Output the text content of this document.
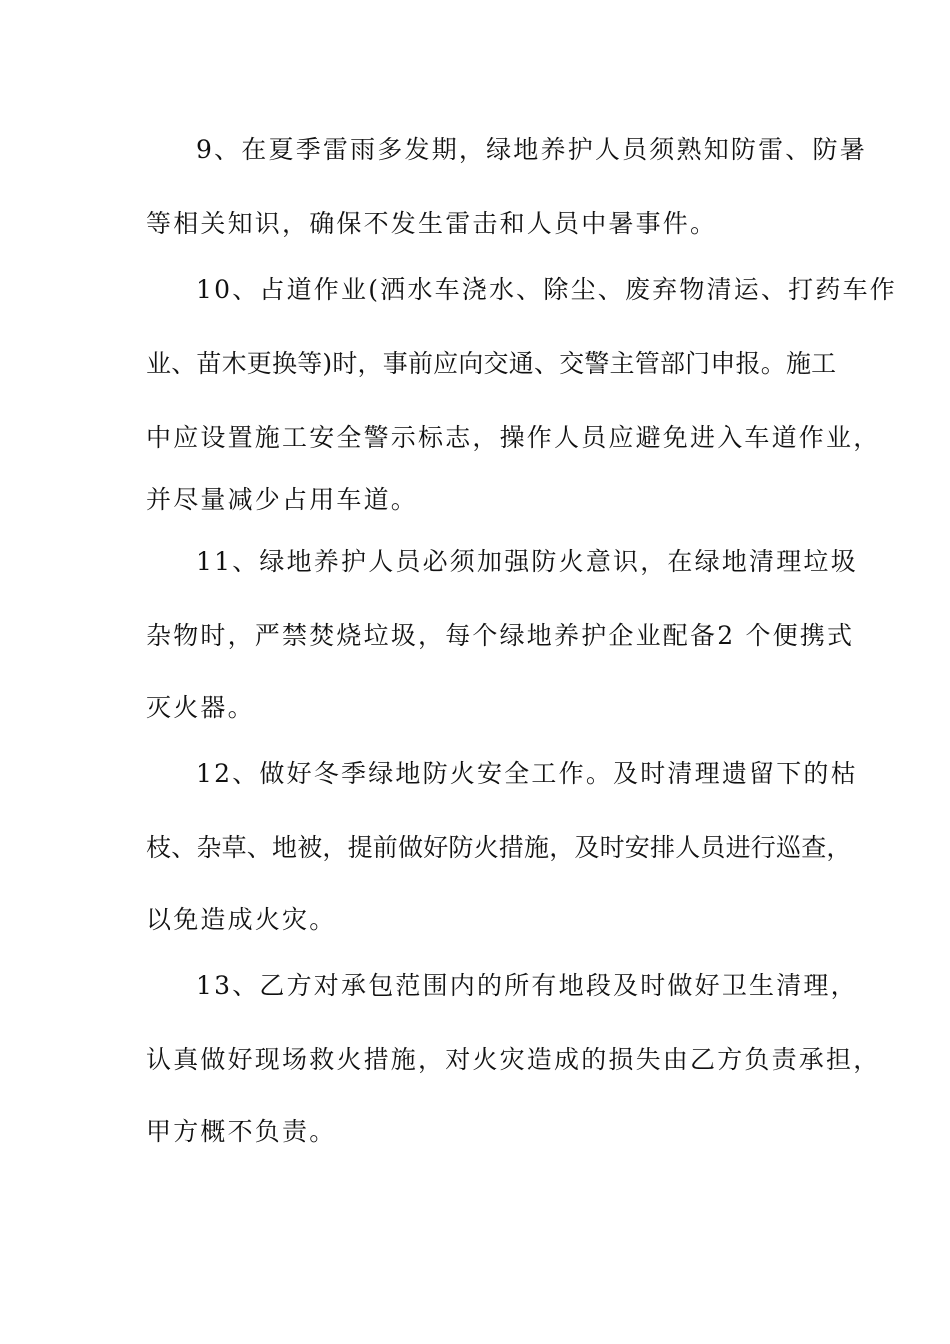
9、在夏季雷雨多发期，绿地养护人员须熟知防雷、防暑
等相关知识，确保不发生雷击和人员中暑事件。
10、占道作业(洒水车浇水、除尘、废弃物清运、打药车作
业、苗木更换等)时，事前应向交通、交警主管部门申报。施工
中应设置施工安全警示标志，操作人员应避免进入车道作业，
并尽量减少占用车道。
11、绿地养护人员必须加强防火意识，在绿地清理垃圾
杂物时，严禁焚烧垃圾，每个绿地养护企业配备2 个便携式
灭火器。
12、做好冬季绿地防火安全工作。及时清理遗留下的枯
枝、杂草、地被，提前做好防火措施，及时安排人员进行巡查，
以免造成火灾。
13、乙方对承包范围内的所有地段及时做好卫生清理，
认真做好现场救火措施，对火灾造成的损失由乙方负责承担，
甲方概不负责。
